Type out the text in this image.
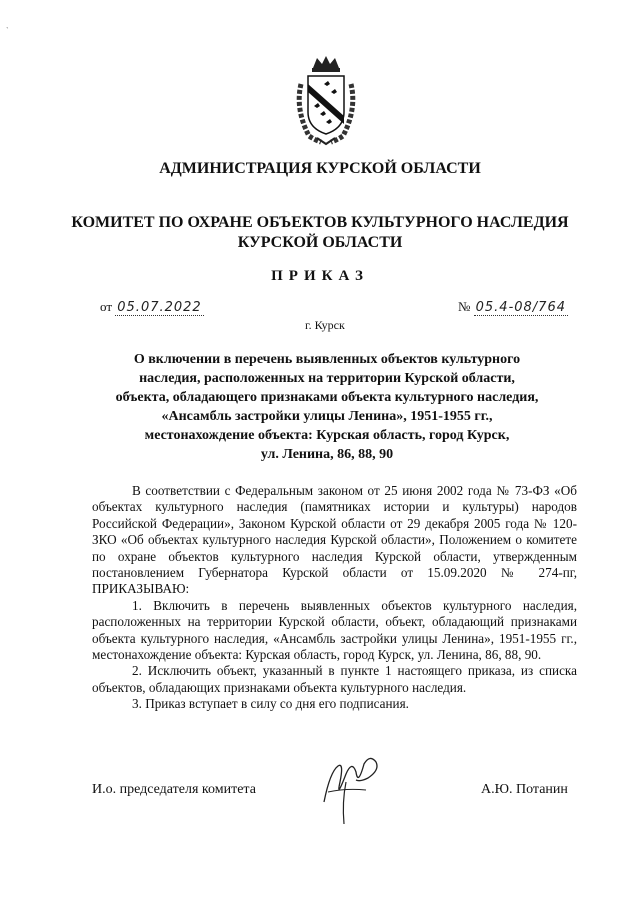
`
АДМИНИСТРАЦИЯ КУРСКОЙ ОБЛАСТИ
КОМИТЕТ ПО ОХРАНЕ ОБЪЕКТОВ КУЛЬТУРНОГО НАСЛЕДИЯ
КУРСКОЙ ОБЛАСТИ
ПРИКАЗ
от 05.07.2022	№ 05.4-08/764
г. Курск
О включении в перечень выявленных объектов культурного
наследия, расположенных на территории Курской области,
объекта, обладающего признаками объекта культурного наследия,
«Ансамбль застройки улицы Ленина», 1951-1955 гг.,
местонахождение объекта: Курская область, город Курск,
ул. Ленина, 86, 88, 90

В соответствии с Федеральным законом от 25 июня 2002 года № 73-ФЗ «Об объектах культурного наследия (памятниках истории и культуры) народов Российской Федерации», Законом Курской области от 29 декабря 2005 года № 120-ЗКО «Об объектах культурного наследия Курской области», Положением о комитете по охране объектов культурного наследия Курской области, утвержденным постановлением Губернатора Курской области от 15.09.2020 № 274-пг, ПРИКАЗЫВАЮ:

1. Включить в перечень выявленных объектов культурного наследия, расположенных на территории Курской области, объект, обладающий признаками объекта культурного наследия, «Ансамбль застройки улицы Ленина», 1951-1955 гг., местонахождение объекта: Курская область, город Курск, ул. Ленина, 86, 88, 90.

2. Исключить объект, указанный в пункте 1 настоящего приказа, из списка объектов, обладающих признаками объекта культурного наследия.

3. Приказ вступает в силу со дня его подписания.

И.о. председателя комитета	А.Ю. Потанин
